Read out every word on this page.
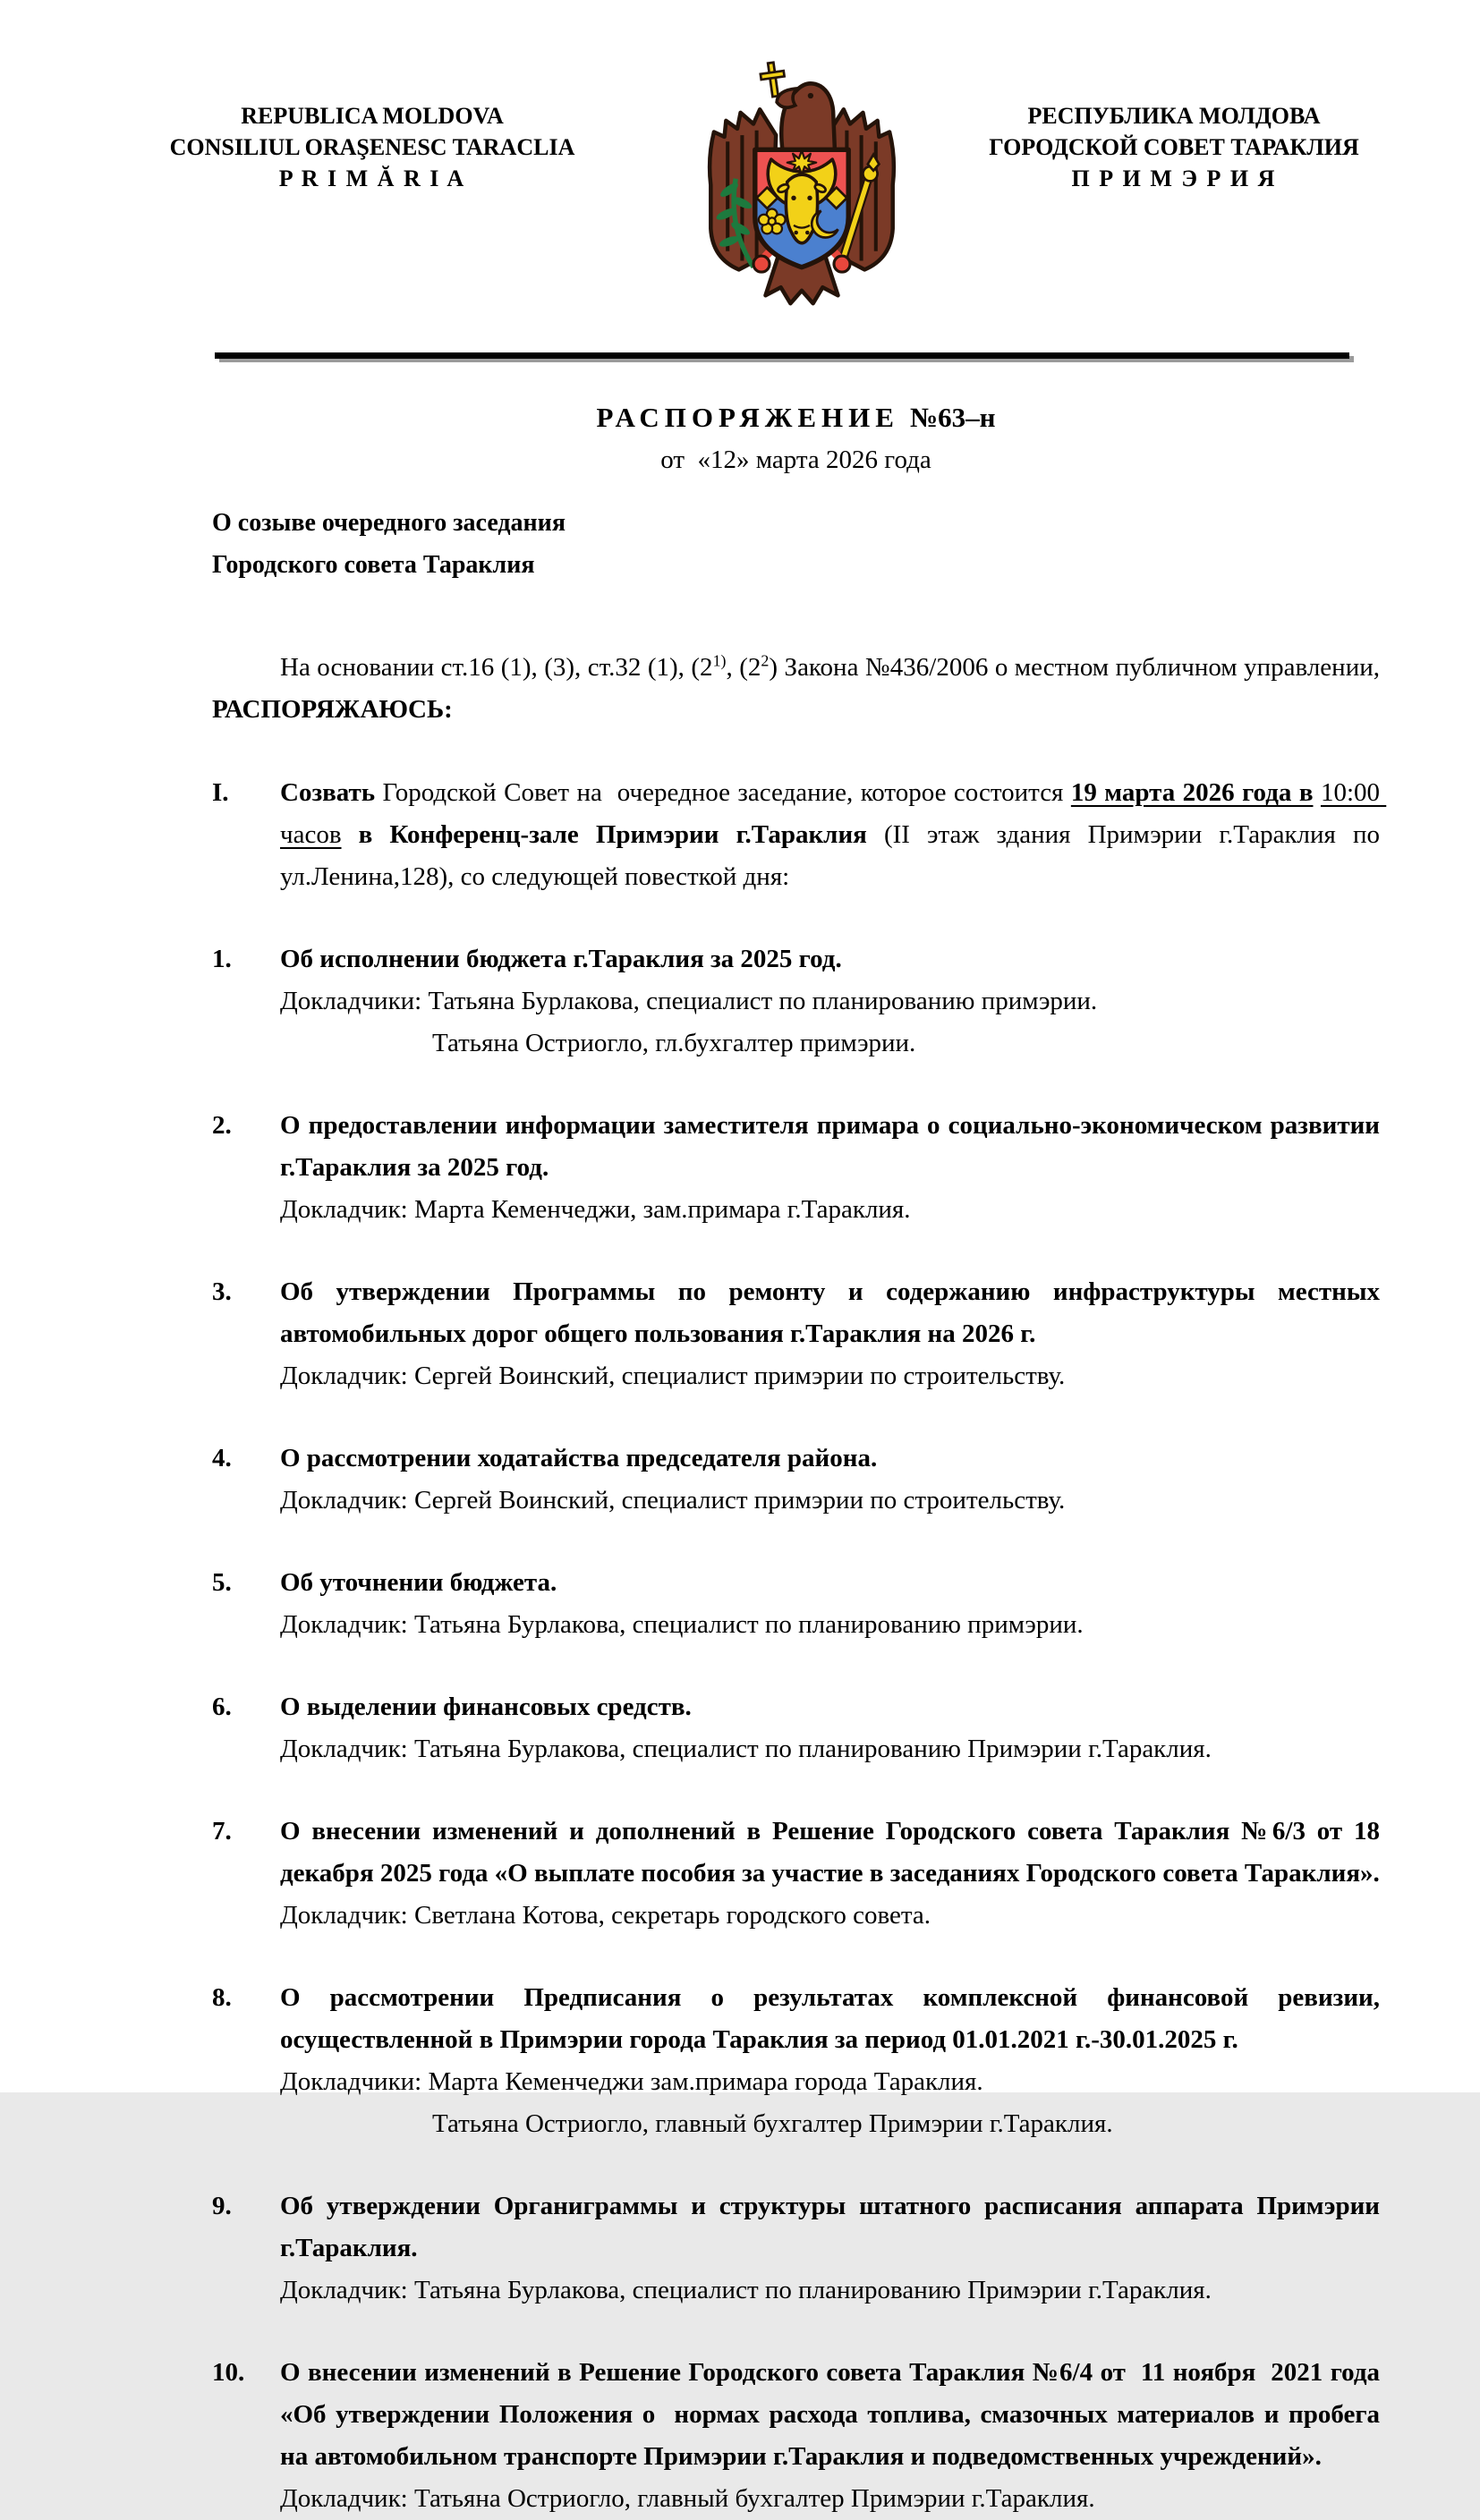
REPUBLICA MOLDOVA
CONSILIUL ORAŞENESC TARACLIA
P R I M Ă R I A
РЕСПУБЛИКА МОЛДОВА
ГОРОДСКОЙ СОВЕТ ТАРАКЛИЯ
П Р И М Э Р И Я
РАСПОРЯЖЕНИЕ №63–н
от  «12» марта 2026 года
О созыве очередного заседания
Городского совета Тараклия

На основании ст.16 (1), (3), ст.32 (1), (2$^{1)}$, $(2^2)$ Закона №436/2006 о местном публичном управлении, РАСПОРЯЖАЮСЬ:

I.	Созвать Городской Совет на  очередное заседание, которое состоится 19 марта 2026 года в 10:00 часов в Конференц-зале Примэрии г.Тараклия (II этаж здания Примэрии г.Тараклия по ул.Ленина,128), со следующей повесткой дня:
1.	Об исполнении бюджета г.Тараклия за 2025 год.
Докладчики: Татьяна Бурлакова, специалист по планированию примэрии.
Татьяна Остриогло, гл.бухгалтер примэрии.
2.	О предоставлении информации заместителя примара о социально-экономическом развитии г.Тараклия за 2025 год.
Докладчик: Марта Кеменчеджи, зам.примара г.Тараклия.
3.	Об утверждении Программы по ремонту и содержанию инфраструктуры местных автомобильных дорог общего пользования г.Тараклия на 2026 г.
Докладчик: Сергей Воинский, специалист примэрии по строительству.
4.	О рассмотрении ходатайства председателя района.
Докладчик: Сергей Воинский, специалист примэрии по строительству.
5.	Об уточнении бюджета.
Докладчик: Татьяна Бурлакова, специалист по планированию примэрии.
6.	О выделении финансовых средств.
Докладчик: Татьяна Бурлакова, специалист по планированию Примэрии г.Тараклия.
7.	О внесении изменений и дополнений в Решение Городского совета Тараклия №6/3 от 18 декабря 2025 года «О выплате пособия за участие в заседаниях Городского совета Тараклия».
Докладчик: Светлана Котова, секретарь городского совета.
8.	О рассмотрении Предписания о результатах комплексной финансовой ревизии, осуществленной в Примэрии города Тараклия за период 01.01.2021 г.-30.01.2025 г.
Докладчики: Марта Кеменчеджи зам.примара города Тараклия.
Татьяна Остриогло, главный бухгалтер Примэрии г.Тараклия.
9.	Об утверждении Органиграммы и структуры штатного расписания аппарата Примэрии г.Тараклия.
Докладчик: Татьяна Бурлакова, специалист по планированию Примэрии г.Тараклия.
10.	О внесении изменений в Решение Городского совета Тараклия №6/4 от  11 ноября  2021 года «Об утверждении Положения о  нормах расхода топлива, смазочных материалов и пробега на автомобильном транспорте Примэрии г.Тараклия и подведомственных учреждений».
Докладчик: Татьяна Остриогло, главный бухгалтер Примэрии г.Тараклия.
